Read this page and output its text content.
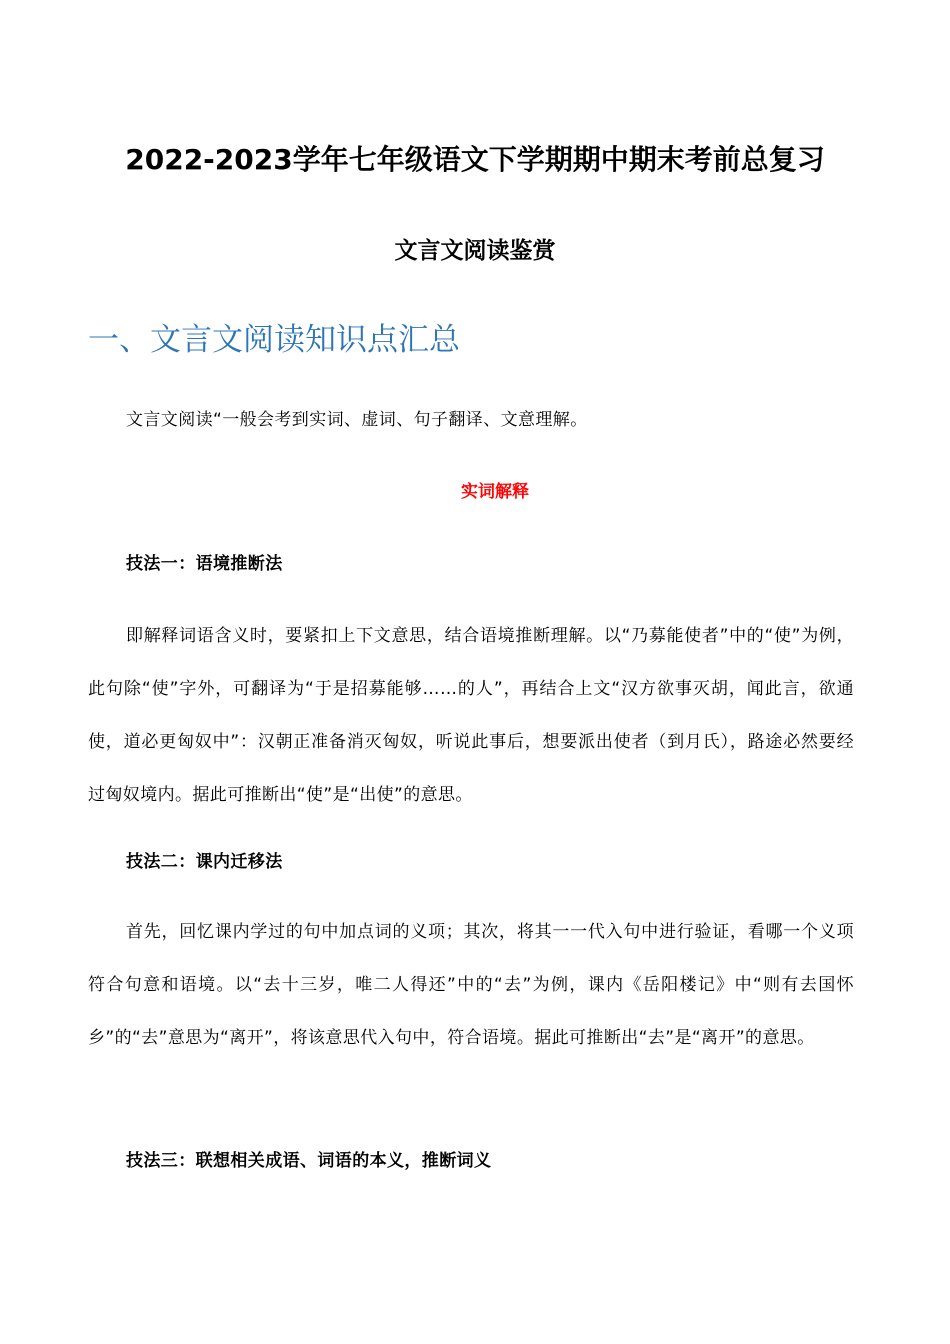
2022-2023学年七年级语文下学期期中期末考前总复习
文言文阅读鉴赏
一、文言文阅读知识点汇总
文言文阅读“一般会考到实词、虚词、句子翻译、文意理解。
实词解释
技法一：语境推断法
即解释词语含义时，要紧扣上下文意思，结合语境推断理解。以“乃募能使者”中的“使”为例，此句除“使”字外，可翻译为“于是招募能够……的人”，再结合上文“汉方欲事灭胡，闻此言，欲通使，道必更匈奴中”：汉朝正准备消灭匈奴，听说此事后，想要派出使者（到月氏），路途必然要经过匈奴境内。据此可推断出“使”是“出使”的意思。
技法二：课内迁移法
首先，回忆课内学过的句中加点词的义项；其次，将其一一代入句中进行验证，看哪一个义项符合句意和语境。以“去十三岁，唯二人得还”中的“去”为例，课内《岳阳楼记》中“则有去国怀乡”的“去”意思为“离开”，将该意思代入句中，符合语境。据此可推断出“去”是“离开”的意思。
技法三：联想相关成语、词语的本义，推断词义
